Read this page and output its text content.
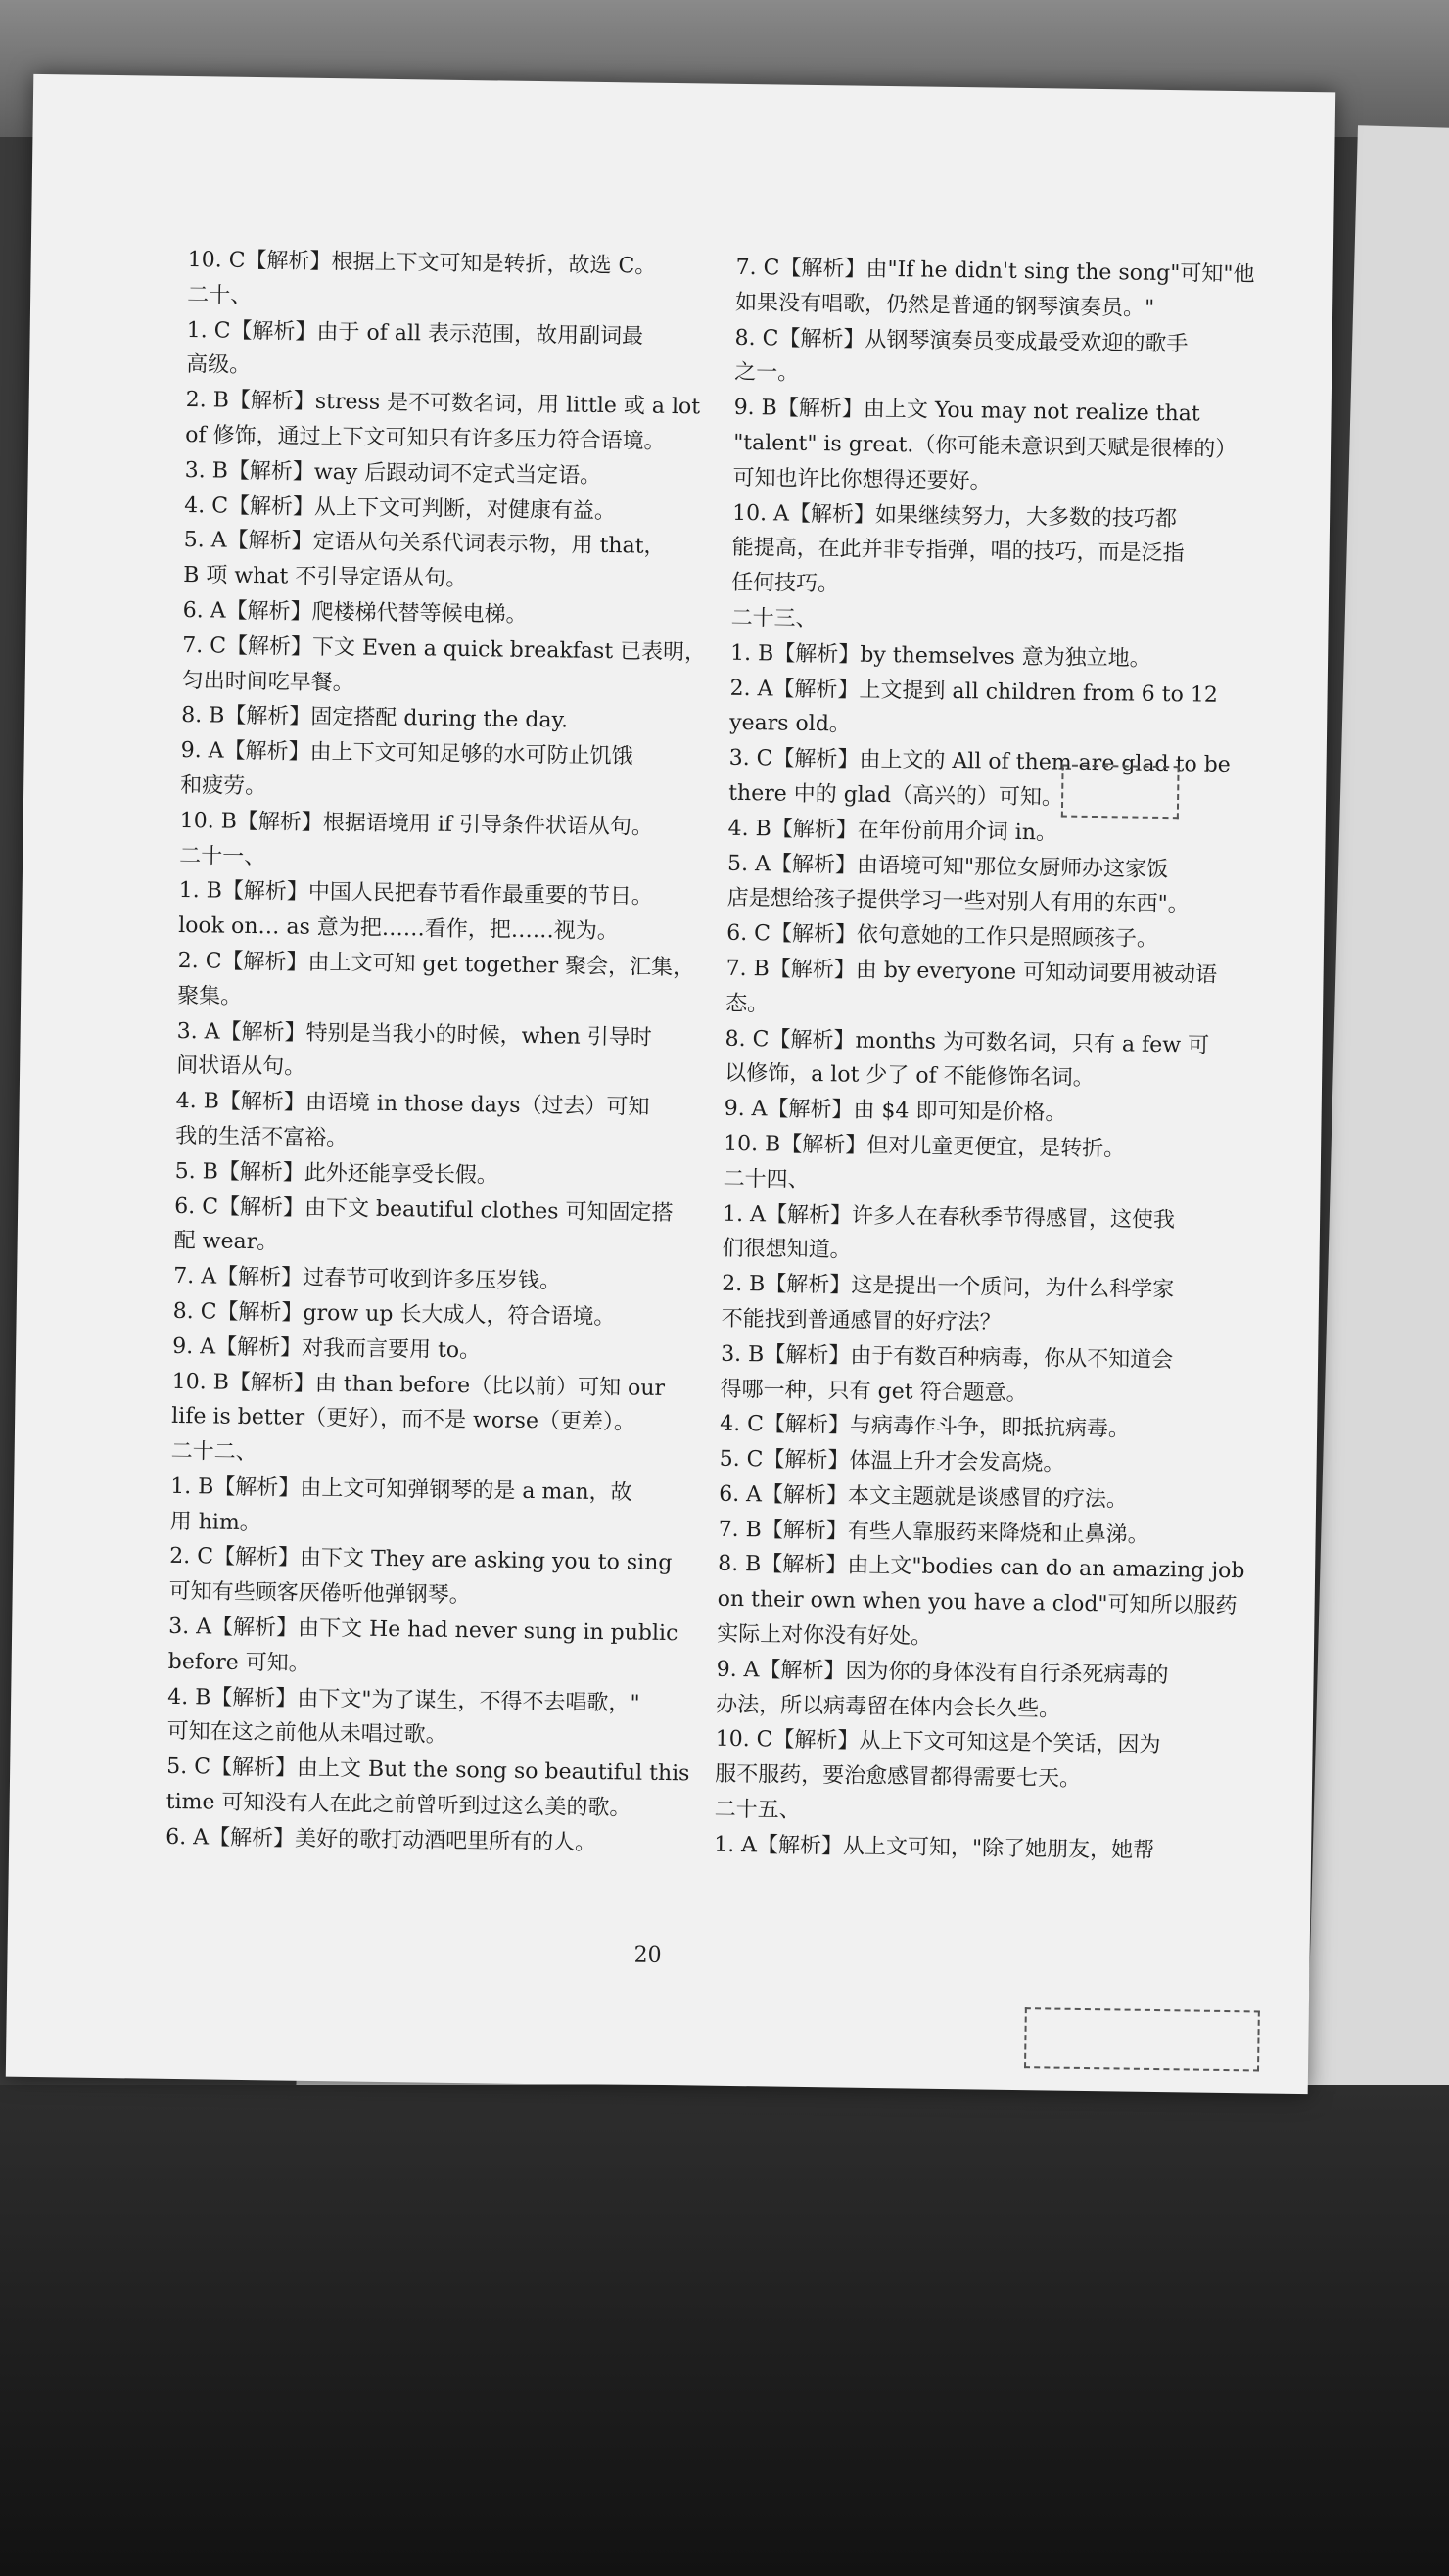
10. C【解析】根据上下文可知是转折，故选 C。
二十、
1. C【解析】由于 of all 表示范围，故用副词最
高级。
2. B【解析】stress 是不可数名词，用 little 或 a lot
of 修饰，通过上下文可知只有许多压力符合语境。
3. B【解析】way 后跟动词不定式当定语。
4. C【解析】从上下文可判断，对健康有益。
5. A【解析】定语从句关系代词表示物，用 that，
B 项 what 不引导定语从句。
6. A【解析】爬楼梯代替等候电梯。
7. C【解析】下文 Even a quick breakfast 已表明，
匀出时间吃早餐。
8. B【解析】固定搭配 during the day.
9. A【解析】由上下文可知足够的水可防止饥饿
和疲劳。
10. B【解析】根据语境用 if 引导条件状语从句。
二十一、
1. B【解析】中国人民把春节看作最重要的节日。
look on… as 意为把……看作，把……视为。
2. C【解析】由上文可知 get together 聚会，汇集，
聚集。
3. A【解析】特别是当我小的时候，when 引导时
间状语从句。
4. B【解析】由语境 in those days（过去）可知
我的生活不富裕。
5. B【解析】此外还能享受长假。
6. C【解析】由下文 beautiful clothes 可知固定搭
配 wear。
7. A【解析】过春节可收到许多压岁钱。
8. C【解析】grow up 长大成人，符合语境。
9. A【解析】对我而言要用 to。
10. B【解析】由 than before（比以前）可知 our
life is better（更好），而不是 worse（更差）。
二十二、
1. B【解析】由上文可知弹钢琴的是 a man，故
用 him。
2. C【解析】由下文 They are asking you to sing
可知有些顾客厌倦听他弹钢琴。
3. A【解析】由下文 He had never sung in public
before 可知。
4. B【解析】由下文"为了谋生，不得不去唱歌，"
可知在这之前他从未唱过歌。
5. C【解析】由上文 But the song so beautiful this
time 可知没有人在此之前曾听到过这么美的歌。
6. A【解析】美好的歌打动酒吧里所有的人。
7. C【解析】由"If he didn't sing the song"可知"他
如果没有唱歌，仍然是普通的钢琴演奏员。"
8. C【解析】从钢琴演奏员变成最受欢迎的歌手
之一。
9. B【解析】由上文 You may not realize that
"talent" is great.（你可能未意识到天赋是很棒的）
可知也许比你想得还要好。
10. A【解析】如果继续努力，大多数的技巧都
能提高，在此并非专指弹，唱的技巧，而是泛指
任何技巧。
二十三、
1. B【解析】by themselves 意为独立地。
2. A【解析】上文提到 all children from 6 to 12
years old。
3. C【解析】由上文的 All of them are glad to be
there 中的 glad（高兴的）可知。
4. B【解析】在年份前用介词 in。
5. A【解析】由语境可知"那位女厨师办这家饭
店是想给孩子提供学习一些对别人有用的东西"。
6. C【解析】依句意她的工作只是照顾孩子。
7. B【解析】由 by everyone 可知动词要用被动语
态。
8. C【解析】months 为可数名词，只有 a few 可
以修饰，a lot 少了 of 不能修饰名词。
9. A【解析】由 $4 即可知是价格。
10. B【解析】但对儿童更便宜，是转折。
二十四、
1. A【解析】许多人在春秋季节得感冒，这使我
们很想知道。
2. B【解析】这是提出一个质问，为什么科学家
不能找到普通感冒的好疗法？
3. B【解析】由于有数百种病毒，你从不知道会
得哪一种，只有 get 符合题意。
4. C【解析】与病毒作斗争，即抵抗病毒。
5. C【解析】体温上升才会发高烧。
6. A【解析】本文主题就是谈感冒的疗法。
7. B【解析】有些人靠服药来降烧和止鼻涕。
8. B【解析】由上文"bodies can do an amazing job
on their own when you have a clod"可知所以服药
实际上对你没有好处。
9. A【解析】因为你的身体没有自行杀死病毒的
办法，所以病毒留在体内会长久些。
10. C【解析】从上下文可知这是个笑话，因为
服不服药，要治愈感冒都得需要七天。
二十五、
1. A【解析】从上文可知，"除了她朋友，她帮
20
